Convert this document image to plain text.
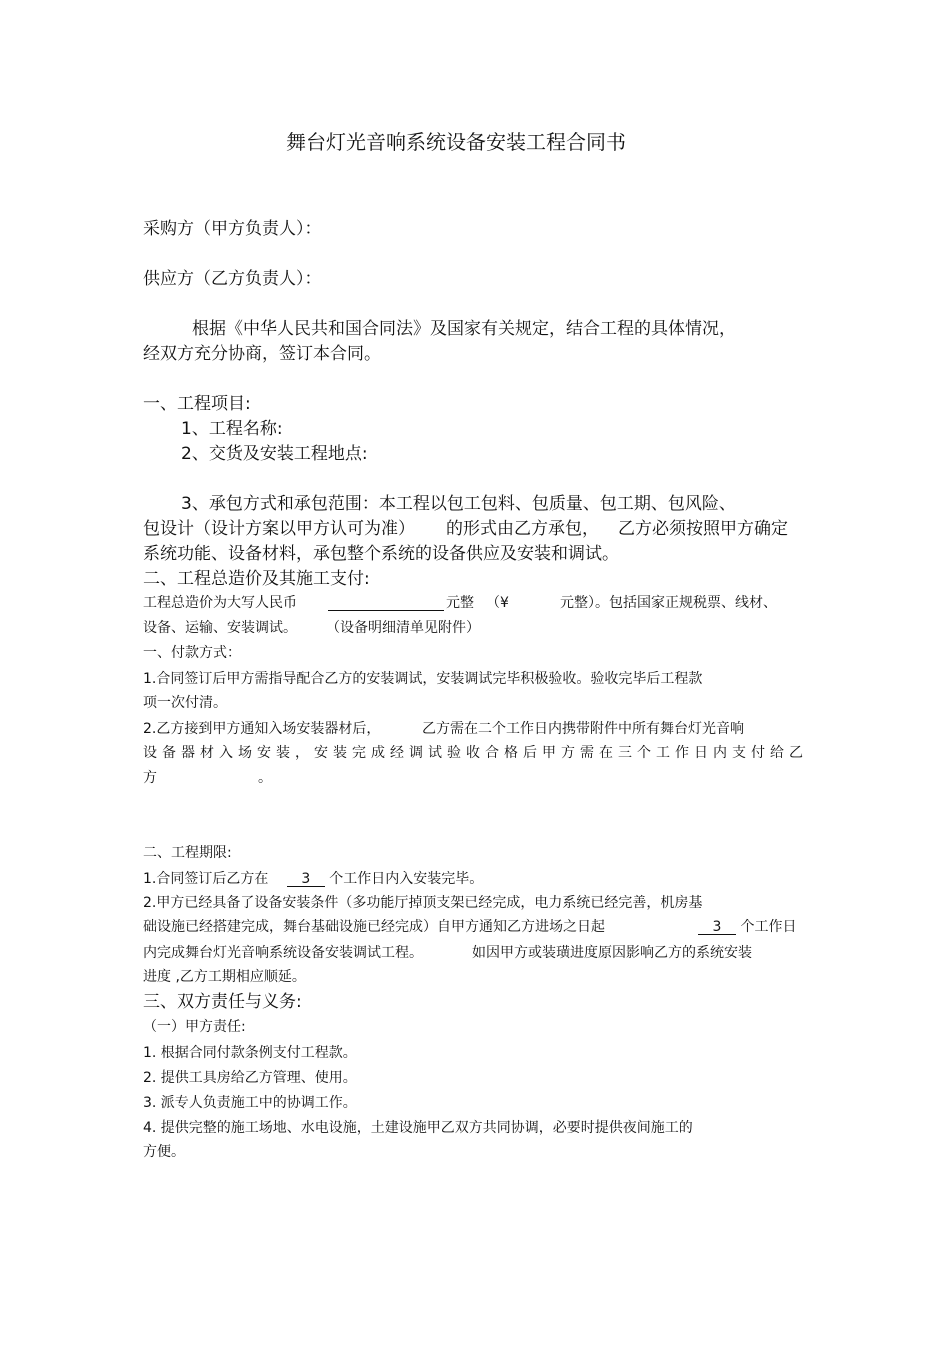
舞台灯光音响系统设备安装工程合同书
采购方（甲方负责人）：
供应方（乙方负责人）：
根据《中华人民共和国合同法》及国家有关规定，结合工程的具体情况，
经双方充分协商，签订本合同。
一、工程项目:
1、工程名称:
2、交货及安装工程地点:
3、承包方式和承包范围：本工程以包工包料、包质量、包工期、包风险、
包设计（设计方案以甲方认可为准） 的形式由乙方承包， 乙方必须按照甲方确定
系统功能、设备材料，承包整个系统的设备供应及安装和调试。
二、工程总造价及其施工支付:
工程总造价为大写人民币	元整 （¥	元整）。包括国家正规税票、线材、
设备、运输、安装调试。 （设备明细清单见附件）
一、付款方式：
1.合同签订后甲方需指导配合乙方的安装调试，安装调试完毕积极验收。验收完毕后工程款
项一次付清。
2.乙方接到甲方通知入场安装器材后，	乙方需在二个工作日内携带附件中所有舞台灯光音响
设备器材入场安装，安装完成经调试验收合格后甲方需在三个工作日内支付给乙
方	。
二、工程期限:
1.合同签订后乙方在 3 个工作日内入安装完毕。
2.甲方已经具备了设备安装条件（多功能厅掉顶支架已经完成，电力系统已经完善，机房基
础设施已经搭建完成，舞台基础设施已经完成）自甲方通知乙方进场之日起	3 个工作日
内完成舞台灯光音响系统设备安装调试工程。	如因甲方或装璜进度原因影响乙方的系统安装
进度 ,乙方工期相应顺延。
三、双方责任与义务:
（一）甲方责任:
1. 根据合同付款条例支付工程款。
2. 提供工具房给乙方管理、使用。
3. 派专人负责施工中的协调工作。
4. 提供完整的施工场地、水电设施，土建设施甲乙双方共同协调，必要时提供夜间施工的
方便。
